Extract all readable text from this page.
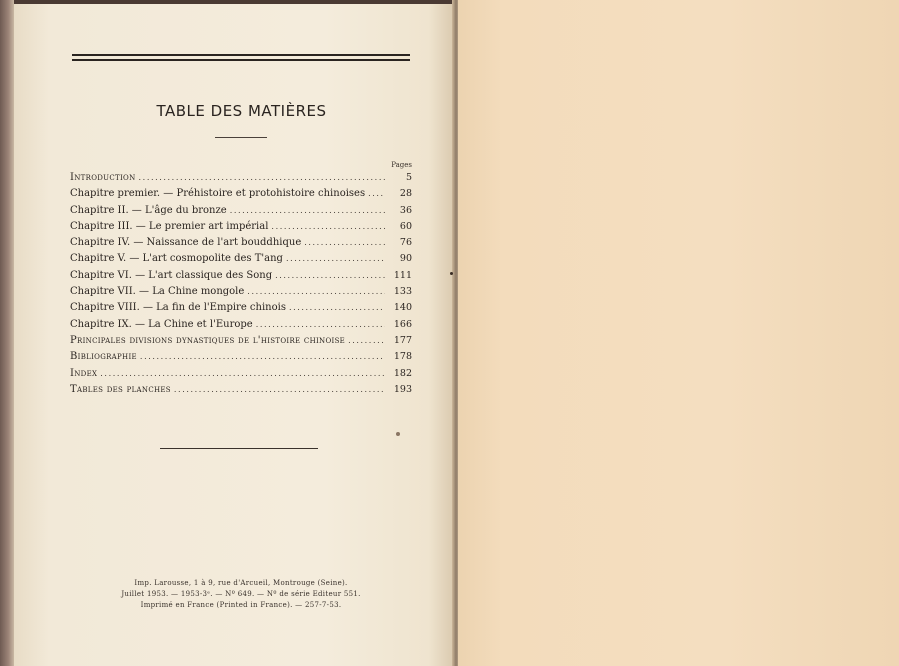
TABLE DES MATIÈRES
Pages
Introduction .....	5
Chapitre premier. — Préhistoire et protohistoire chinoises .....	28
Chapitre II. — L'âge du bronze .....	36
Chapitre III. — Le premier art impérial .....	60
Chapitre IV. — Naissance de l'art bouddhique .....	76
Chapitre V. — L'art cosmopolite des T'ang .....	90
Chapitre VI. — L'art classique des Song .....	111
Chapitre VII. — La Chine mongole .....	133
Chapitre VIII. — La fin de l'Empire chinois .....	140
Chapitre IX. — La Chine et l'Europe .....	166
Principales divisions dynastiques de l'histoire chinoise .....	177
Bibliographie .....	178
Index .....	182
Tables des planches .....	193
Imp. Larousse, 1 à 9, rue d'Arcueil, Montrouge (Seine).
Juillet 1953. — 1953-3ᵉ. — Nº 649. — Nº de série Editeur 551.
Imprimé en France (Printed in France). — 257-7-53.
